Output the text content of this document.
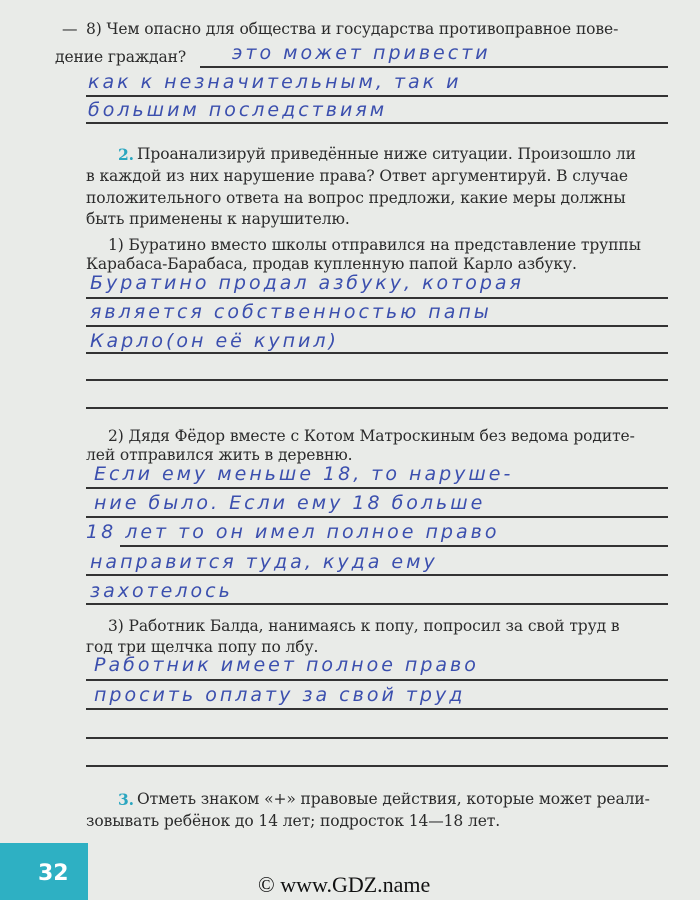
— 8) Чем опасно для общества и государства противоправное пове-
дение граждан? это может привести
как к незначительным, так и
большим последствиям
2. Проанализируй приведённые ниже ситуации. Произошло ли
в каждой из них нарушение права? Ответ аргументируй. В случае
положительного ответа на вопрос предложи, какие меры должны
быть применены к нарушителю.
1) Буратино вместо школы отправился на представление труппы
Карабаса-Барабаса, продав купленную папой Карло азбуку.
Буратино продал азбуку, которая
является собственностью папы
Карло(он её купил)
2) Дядя Фёдор вместе с Котом Матроскиным без ведома родите-
лей отправился жить в деревню.
Если ему меньше 18, то наруше-
ние было. Если ему 18 больше
18 лет то он имел полное право
направится туда, куда ему
захотелось
3) Работник Балда, нанимаясь к попу, попросил за свой труд в
год три щелчка попу по лбу.
Работник имеет полное право
просить оплату за свой труд
3. Отметь знаком «+» правовые действия, которые может реали-
зовывать ребёнок до 14 лет; подросток 14—18 лет.
32	© www.GDZ.name
